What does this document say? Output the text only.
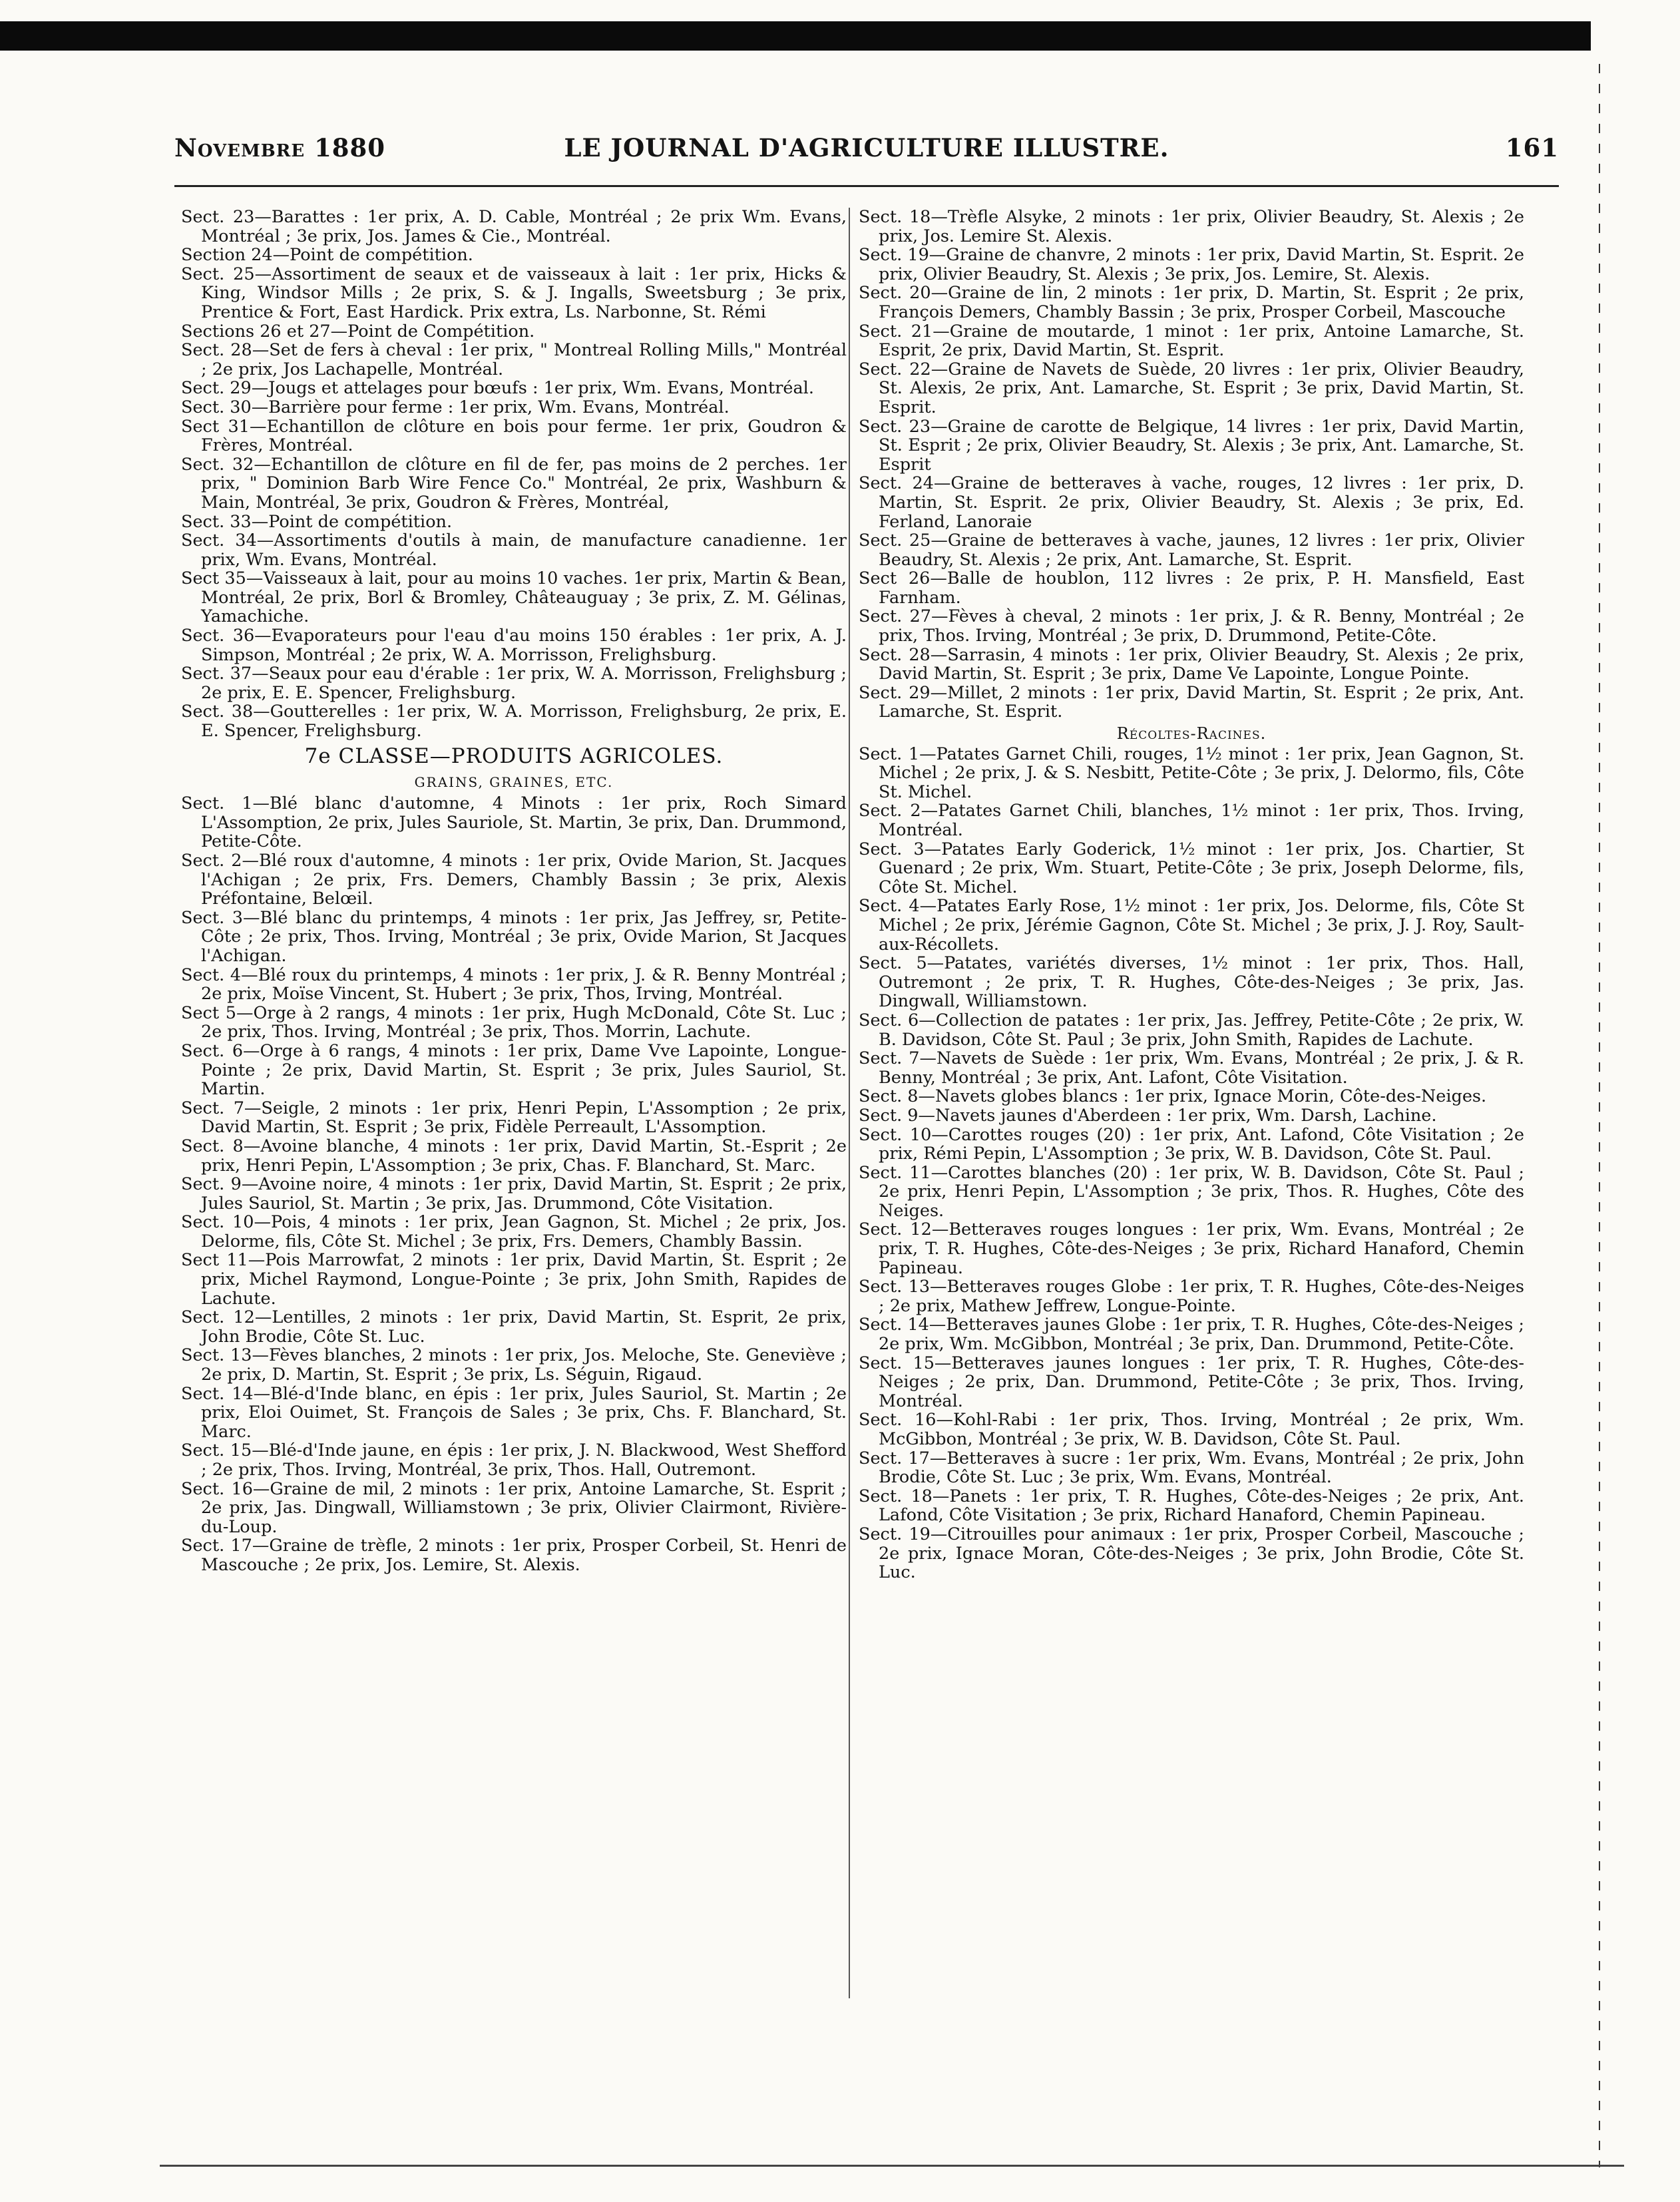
Novembre 1880	LE JOURNAL D'AGRICULTURE ILLUSTRE.	161

Sect. 23—Barattes : 1er prix, A. D. Cable, Montréal ; 2e prix Wm. Evans, Montréal ; 3e prix, Jos. James & Cie., Montréal.

Section 24—Point de compétition.

Sect. 25—Assortiment de seaux et de vaisseaux à lait : 1er prix, Hicks & King, Windsor Mills ; 2e prix, S. & J. Ingalls, Sweetsburg ; 3e prix, Prentice & Fort, East Hardick. Prix extra, Ls. Narbonne, St. Rémi

Sections 26 et 27—Point de Compétition.

Sect. 28—Set de fers à cheval : 1er prix, " Montreal Rolling Mills," Montréal ; 2e prix, Jos Lachapelle, Montréal.

Sect. 29—Jougs et attelages pour bœufs : 1er prix, Wm. Evans, Montréal.

Sect. 30—Barrière pour ferme : 1er prix, Wm. Evans, Montréal.

Sect 31—Echantillon de clôture en bois pour ferme. 1er prix, Goudron & Frères, Montréal.

Sect. 32—Echantillon de clôture en fil de fer, pas moins de 2 perches. 1er prix, " Dominion Barb Wire Fence Co." Montréal, 2e prix, Washburn & Main, Montréal, 3e prix, Goudron & Frères, Montréal,

Sect. 33—Point de compétition.

Sect. 34—Assortiments d'outils à main, de manufacture canadienne. 1er prix, Wm. Evans, Montréal.

Sect 35—Vaisseaux à lait, pour au moins 10 vaches. 1er prix, Martin & Bean, Montréal, 2e prix, Borl & Bromley, Châteauguay ; 3e prix, Z. M. Gélinas, Yamachiche.

Sect. 36—Evaporateurs pour l'eau d'au moins 150 érables : 1er prix, A. J. Simpson, Montréal ; 2e prix, W. A. Morrisson, Frelighsburg.

Sect. 37—Seaux pour eau d'érable : 1er prix, W. A. Morrisson, Frelighsburg ; 2e prix, E. E. Spencer, Frelighsburg.

Sect. 38—Goutterelles : 1er prix, W. A. Morrisson, Frelighsburg, 2e prix, E. E. Spencer, Frelighsburg.

7e CLASSE—PRODUITS AGRICOLES.
GRAINS, GRAINES, ETC.

Sect. 1—Blé blanc d'automne, 4 Minots : 1er prix, Roch Simard L'Assomption, 2e prix, Jules Sauriole, St. Martin, 3e prix, Dan. Drummond, Petite-Côte.

Sect. 2—Blé roux d'automne, 4 minots : 1er prix, Ovide Marion, St. Jacques l'Achigan ; 2e prix, Frs. Demers, Chambly Bassin ; 3e prix, Alexis Préfontaine, Belœil.

Sect. 3—Blé blanc du printemps, 4 minots : 1er prix, Jas Jeffrey, sr, Petite-Côte ; 2e prix, Thos. Irving, Montréal ; 3e prix, Ovide Marion, St Jacques l'Achigan.

Sect. 4—Blé roux du printemps, 4 minots : 1er prix, J. & R. Benny Montréal ; 2e prix, Moïse Vincent, St. Hubert ; 3e prix, Thos, Irving, Montréal.

Sect 5—Orge à 2 rangs, 4 minots : 1er prix, Hugh McDonald, Côte St. Luc ; 2e prix, Thos. Irving, Montréal ; 3e prix, Thos. Morrin, Lachute.

Sect. 6—Orge à 6 rangs, 4 minots : 1er prix, Dame Vve Lapointe, Longue-Pointe ; 2e prix, David Martin, St. Esprit ; 3e prix, Jules Sauriol, St. Martin.

Sect. 7—Seigle, 2 minots : 1er prix, Henri Pepin, L'Assomption ; 2e prix, David Martin, St. Esprit ; 3e prix, Fidèle Perreault, L'Assomption.

Sect. 8—Avoine blanche, 4 minots : 1er prix, David Martin, St.-Esprit ; 2e prix, Henri Pepin, L'Assomption ; 3e prix, Chas. F. Blanchard, St. Marc.

Sect. 9—Avoine noire, 4 minots : 1er prix, David Martin, St. Esprit ; 2e prix, Jules Sauriol, St. Martin ; 3e prix, Jas. Drummond, Côte Visitation.

Sect. 10—Pois, 4 minots : 1er prix, Jean Gagnon, St. Michel ; 2e prix, Jos. Delorme, fils, Côte St. Michel ; 3e prix, Frs. Demers, Chambly Bassin.

Sect 11—Pois Marrowfat, 2 minots : 1er prix, David Martin, St. Esprit ; 2e prix, Michel Raymond, Longue-Pointe ; 3e prix, John Smith, Rapides de Lachute.

Sect. 12—Lentilles, 2 minots : 1er prix, David Martin, St. Esprit, 2e prix, John Brodie, Côte St. Luc.

Sect. 13—Fèves blanches, 2 minots : 1er prix, Jos. Meloche, Ste. Geneviève ; 2e prix, D. Martin, St. Esprit ; 3e prix, Ls. Séguin, Rigaud.

Sect. 14—Blé-d'Inde blanc, en épis : 1er prix, Jules Sauriol, St. Martin ; 2e prix, Eloi Ouimet, St. François de Sales ; 3e prix, Chs. F. Blanchard, St. Marc.

Sect. 15—Blé-d'Inde jaune, en épis : 1er prix, J. N. Blackwood, West Shefford ; 2e prix, Thos. Irving, Montréal, 3e prix, Thos. Hall, Outremont.

Sect. 16—Graine de mil, 2 minots : 1er prix, Antoine Lamarche, St. Esprit ; 2e prix, Jas. Dingwall, Williamstown ; 3e prix, Olivier Clairmont, Rivière-du-Loup.

Sect. 17—Graine de trèfle, 2 minots : 1er prix, Prosper Corbeil, St. Henri de Mascouche ; 2e prix, Jos. Lemire, St. Alexis.

Sect. 18—Trèfle Alsyke, 2 minots : 1er prix, Olivier Beaudry, St. Alexis ; 2e prix, Jos. Lemire St. Alexis.

Sect. 19—Graine de chanvre, 2 minots : 1er prix, David Martin, St. Esprit. 2e prix, Olivier Beaudry, St. Alexis ; 3e prix, Jos. Lemire, St. Alexis.

Sect. 20—Graine de lin, 2 minots : 1er prix, D. Martin, St. Esprit ; 2e prix, François Demers, Chambly Bassin ; 3e prix, Prosper Corbeil, Mascouche

Sect. 21—Graine de moutarde, 1 minot : 1er prix, Antoine Lamarche, St. Esprit, 2e prix, David Martin, St. Esprit.

Sect. 22—Graine de Navets de Suède, 20 livres : 1er prix, Olivier Beaudry, St. Alexis, 2e prix, Ant. Lamarche, St. Esprit ; 3e prix, David Martin, St. Esprit.

Sect. 23—Graine de carotte de Belgique, 14 livres : 1er prix, David Martin, St. Esprit ; 2e prix, Olivier Beaudry, St. Alexis ; 3e prix, Ant. Lamarche, St. Esprit

Sect. 24—Graine de betteraves à vache, rouges, 12 livres : 1er prix, D. Martin, St. Esprit. 2e prix, Olivier Beaudry, St. Alexis ; 3e prix, Ed. Ferland, Lanoraie

Sect. 25—Graine de betteraves à vache, jaunes, 12 livres : 1er prix, Olivier Beaudry, St. Alexis ; 2e prix, Ant. Lamarche, St. Esprit.

Sect 26—Balle de houblon, 112 livres : 2e prix, P. H. Mansfield, East Farnham.

Sect. 27—Fèves à cheval, 2 minots : 1er prix, J. & R. Benny, Montréal ; 2e prix, Thos. Irving, Montréal ; 3e prix, D. Drummond, Petite-Côte.

Sect. 28—Sarrasin, 4 minots : 1er prix, Olivier Beaudry, St. Alexis ; 2e prix, David Martin, St. Esprit ; 3e prix, Dame Ve Lapointe, Longue Pointe.

Sect. 29—Millet, 2 minots : 1er prix, David Martin, St. Esprit ; 2e prix, Ant. Lamarche, St. Esprit.

Récoltes-Racines.

Sect. 1—Patates Garnet Chili, rouges, 1½ minot : 1er prix, Jean Gagnon, St. Michel ; 2e prix, J. & S. Nesbitt, Petite-Côte ; 3e prix, J. Delormo, fils, Côte St. Michel.

Sect. 2—Patates Garnet Chili, blanches, 1½ minot : 1er prix, Thos. Irving, Montréal.

Sect. 3—Patates Early Goderick, 1½ minot : 1er prix, Jos. Chartier, St Guenard ; 2e prix, Wm. Stuart, Petite-Côte ; 3e prix, Joseph Delorme, fils, Côte St. Michel.

Sect. 4—Patates Early Rose, 1½ minot : 1er prix, Jos. Delorme, fils, Côte St Michel ; 2e prix, Jérémie Gagnon, Côte St. Michel ; 3e prix, J. J. Roy, Sault-aux-Récollets.

Sect. 5—Patates, variétés diverses, 1½ minot : 1er prix, Thos. Hall, Outremont ; 2e prix, T. R. Hughes, Côte-des-Neiges ; 3e prix, Jas. Dingwall, Williamstown.

Sect. 6—Collection de patates : 1er prix, Jas. Jeffrey, Petite-Côte ; 2e prix, W. B. Davidson, Côte St. Paul ; 3e prix, John Smith, Rapides de Lachute.

Sect. 7—Navets de Suède : 1er prix, Wm. Evans, Montréal ; 2e prix, J. & R. Benny, Montréal ; 3e prix, Ant. Lafont, Côte Visitation.

Sect. 8—Navets globes blancs : 1er prix, Ignace Morin, Côte-des-Neiges.

Sect. 9—Navets jaunes d'Aberdeen : 1er prix, Wm. Darsh, Lachine.

Sect. 10—Carottes rouges (20) : 1er prix, Ant. Lafond, Côte Visitation ; 2e prix, Rémi Pepin, L'Assomption ; 3e prix, W. B. Davidson, Côte St. Paul.

Sect. 11—Carottes blanches (20) : 1er prix, W. B. Davidson, Côte St. Paul ; 2e prix, Henri Pepin, L'Assomption ; 3e prix, Thos. R. Hughes, Côte des Neiges.

Sect. 12—Betteraves rouges longues : 1er prix, Wm. Evans, Montréal ; 2e prix, T. R. Hughes, Côte-des-Neiges ; 3e prix, Richard Hanaford, Chemin Papineau.

Sect. 13—Betteraves rouges Globe : 1er prix, T. R. Hughes, Côte-des-Neiges ; 2e prix, Mathew Jeffrew, Longue-Pointe.

Sect. 14—Betteraves jaunes Globe : 1er prix, T. R. Hughes, Côte-des-Neiges ; 2e prix, Wm. McGibbon, Montréal ; 3e prix, Dan. Drummond, Petite-Côte.

Sect. 15—Betteraves jaunes longues : 1er prix, T. R. Hughes, Côte-des-Neiges ; 2e prix, Dan. Drummond, Petite-Côte ; 3e prix, Thos. Irving, Montréal.

Sect. 16—Kohl-Rabi : 1er prix, Thos. Irving, Montréal ; 2e prix, Wm. McGibbon, Montréal ; 3e prix, W. B. Davidson, Côte St. Paul.

Sect. 17—Betteraves à sucre : 1er prix, Wm. Evans, Montréal ; 2e prix, John Brodie, Côte St. Luc ; 3e prix, Wm. Evans, Montréal.

Sect. 18—Panets : 1er prix, T. R. Hughes, Côte-des-Neiges ; 2e prix, Ant. Lafond, Côte Visitation ; 3e prix, Richard Hanaford, Chemin Papineau.

Sect. 19—Citrouilles pour animaux : 1er prix, Prosper Corbeil, Mascouche ; 2e prix, Ignace Moran, Côte-des-Neiges ; 3e prix, John Brodie, Côte St. Luc.
